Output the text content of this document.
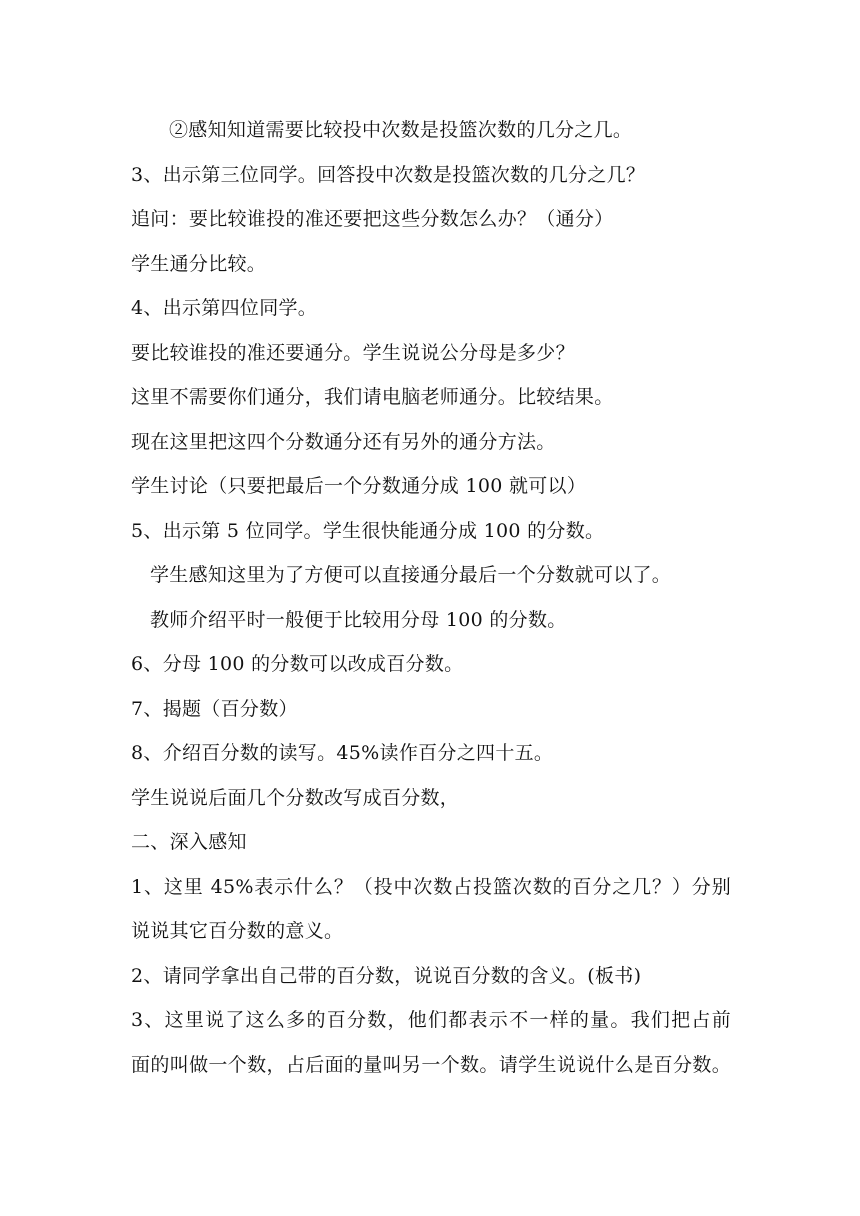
②感知知道需要比较投中次数是投篮次数的几分之几。
3、出示第三位同学。回答投中次数是投篮次数的几分之几？
追问：要比较谁投的准还要把这些分数怎么办？（通分）
学生通分比较。
4、出示第四位同学。
要比较谁投的准还要通分。学生说说公分母是多少？
这里不需要你们通分，我们请电脑老师通分。比较结果。
现在这里把这四个分数通分还有另外的通分方法。
学生讨论（只要把最后一个分数通分成 100 就可以）
5、出示第 5 位同学。学生很快能通分成 100 的分数。
学生感知这里为了方便可以直接通分最后一个分数就可以了。
教师介绍平时一般便于比较用分母 100 的分数。
6、分母 100 的分数可以改成百分数。
7、揭题（百分数）
8、介绍百分数的读写。45%读作百分之四十五。
学生说说后面几个分数改写成百分数，
二、深入感知
1、这里 45%表示什么？（投中次数占投篮次数的百分之几？）分别
说说其它百分数的意义。
2、请同学拿出自己带的百分数，说说百分数的含义。(板书)
3、这里说了这么多的百分数，他们都表示不一样的量。我们把占前
面的叫做一个数，占后面的量叫另一个数。请学生说说什么是百分数。
